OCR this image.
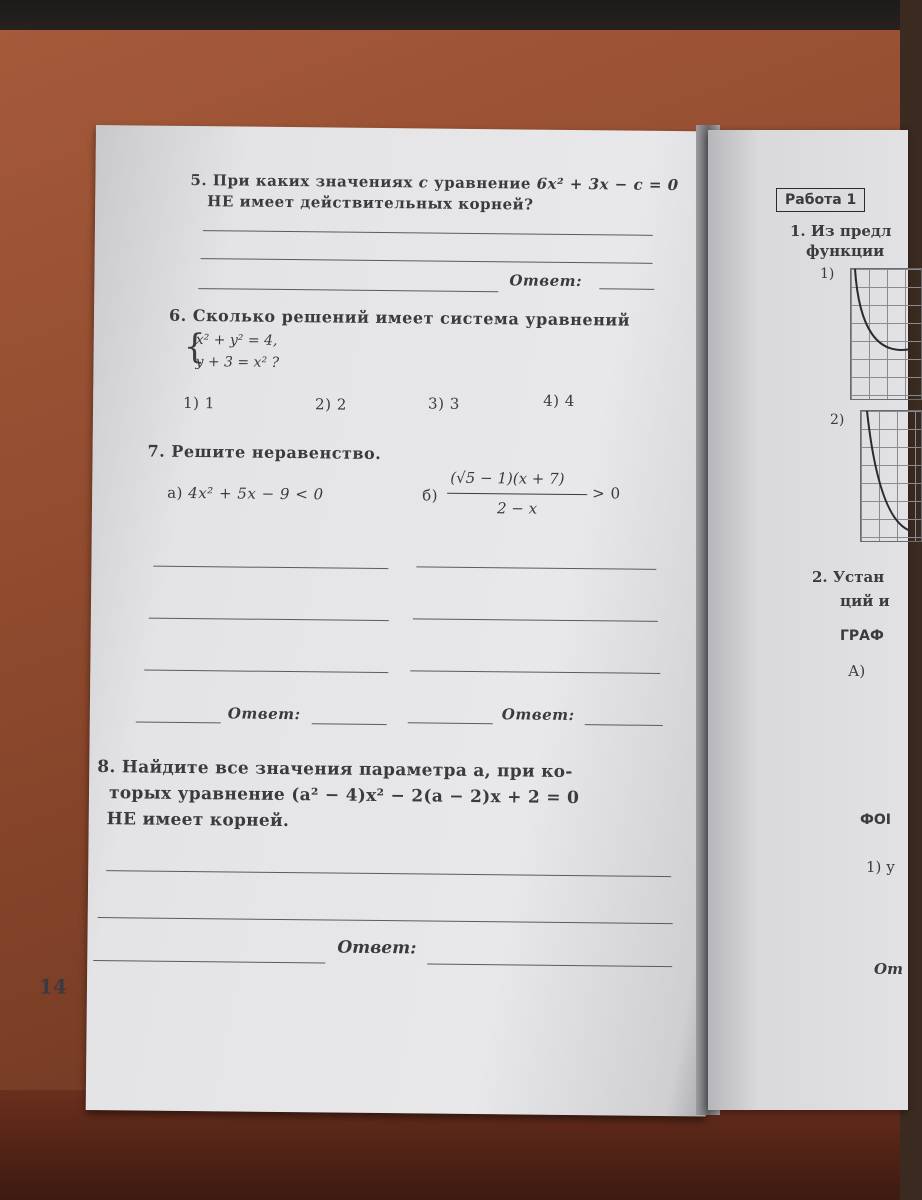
5. При каких значениях c уравнение 6x² + 3x − c = 0
НЕ имеет действительных корней?
Ответ:
6. Сколько решений имеет система уравнений
{
x² + y² = 4,
y + 3 = x² ?
1) 1	2) 2	3) 3	4) 4
7. Решите неравенство.
а) 4x² + 5x − 9 < 0	б)
(√5 − 1)(x + 7)
2 − x
> 0
Ответ:	Ответ:
8. Найдите все значения параметра a, при ко-
торых уравнение (a² − 4)x² − 2(a − 2)x + 2 = 0
НЕ имеет корней.
Ответ:
14
Работа 1
1. Из предл
функции
1)
2)
2. Устан
ций и
ГРАФ
А)
ФОІ
1) у
От
